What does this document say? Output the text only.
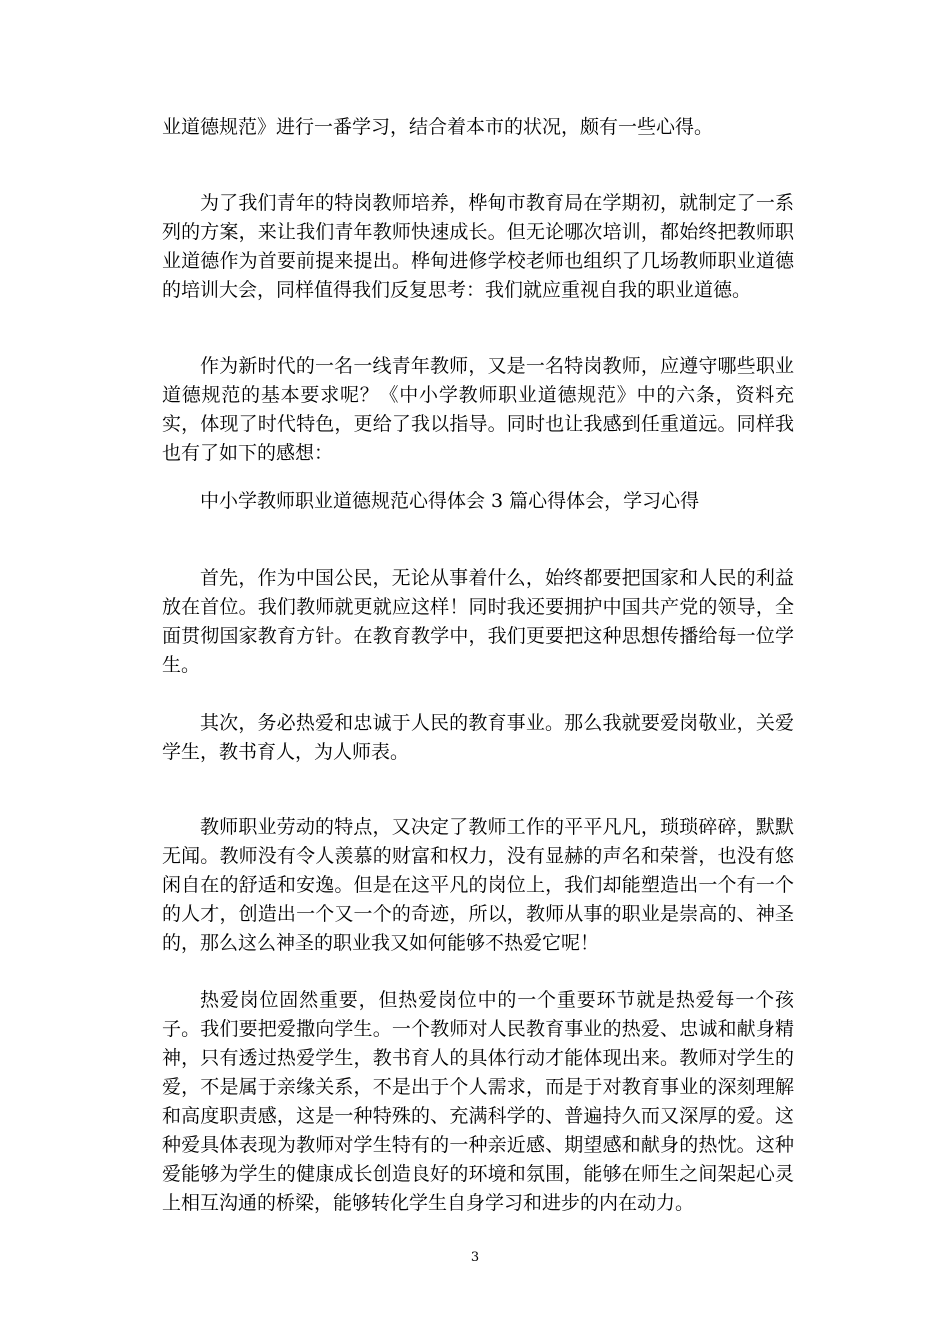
业道德规范》进行一番学习，结合着本市的状况，颇有一些心得。

为了我们青年的特岗教师培养，桦甸市教育局在学期初，就制定了一系列的方案，来让我们青年教师快速成长。但无论哪次培训，都始终把教师职业道德作为首要前提来提出。桦甸进修学校老师也组织了几场教师职业道德的培训大会，同样值得我们反复思考：我们就应重视自我的职业道德。

作为新时代的一名一线青年教师，又是一名特岗教师，应遵守哪些职业道德规范的基本要求呢？《中小学教师职业道德规范》中的六条，资料充实，体现了时代特色，更给了我以指导。同时也让我感到任重道远。同样我也有了如下的感想：

中小学教师职业道德规范心得体会 3 篇心得体会，学习心得

首先，作为中国公民，无论从事着什么，始终都要把国家和人民的利益放在首位。我们教师就更就应这样！同时我还要拥护中国共产党的领导，全面贯彻国家教育方针。在教育教学中，我们更要把这种思想传播给每一位学生。

其次，务必热爱和忠诚于人民的教育事业。那么我就要爱岗敬业，关爱学生，教书育人，为人师表。

教师职业劳动的特点，又决定了教师工作的平平凡凡，琐琐碎碎，默默无闻。教师没有令人羡慕的财富和权力，没有显赫的声名和荣誉，也没有悠闲自在的舒适和安逸。但是在这平凡的岗位上，我们却能塑造出一个有一个的人才，创造出一个又一个的奇迹，所以，教师从事的职业是崇高的、神圣的，那么这么神圣的职业我又如何能够不热爱它呢！

热爱岗位固然重要，但热爱岗位中的一个重要环节就是热爱每一个孩子。我们要把爱撒向学生。一个教师对人民教育事业的热爱、忠诚和献身精神，只有透过热爱学生，教书育人的具体行动才能体现出来。教师对学生的爱，不是属于亲缘关系，不是出于个人需求，而是于对教育事业的深刻理解和高度职责感，这是一种特殊的、充满科学的、普遍持久而又深厚的爱。这种爱具体表现为教师对学生特有的一种亲近感、期望感和献身的热忱。这种爱能够为学生的健康成长创造良好的环境和氛围，能够在师生之间架起心灵上相互沟通的桥梁，能够转化学生自身学习和进步的内在动力。

3
